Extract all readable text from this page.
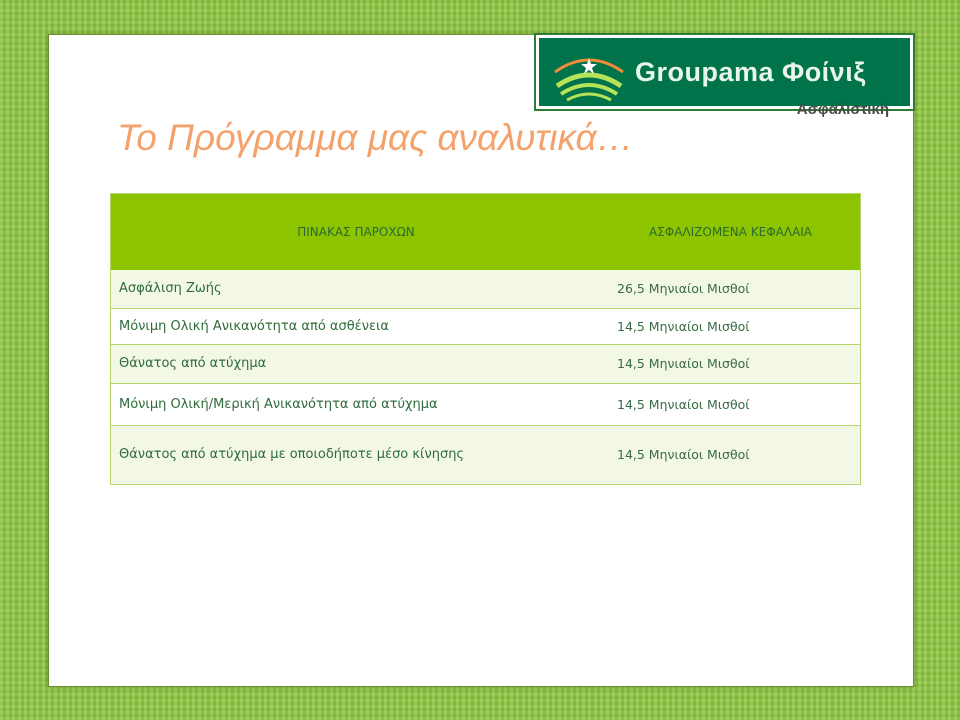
Groupama Φοίνιξ
Ασφαλιστική
Το Πρόγραμμα μας αναλυτικά…
ΠΙΝΑΚΑΣ ΠΑΡΟΧΩΝ	ΑΣΦΑΛΙΖΟΜΕΝΑ ΚΕΦΑΛΑΙΑ
Ασφάλιση Ζωής	26,5 Μηνιαίοι Μισθοί
Μόνιμη Ολική Ανικανότητα από ασθένεια	14,5 Μηνιαίοι Μισθοί
Θάνατος από ατύχημα	14,5 Μηνιαίοι Μισθοί
Μόνιμη Ολική/Μερική Ανικανότητα από ατύχημα	14,5 Μηνιαίοι Μισθοί
Θάνατος από ατύχημα με οποιοδήποτε μέσο κίνησης	14,5 Μηνιαίοι Μισθοί
